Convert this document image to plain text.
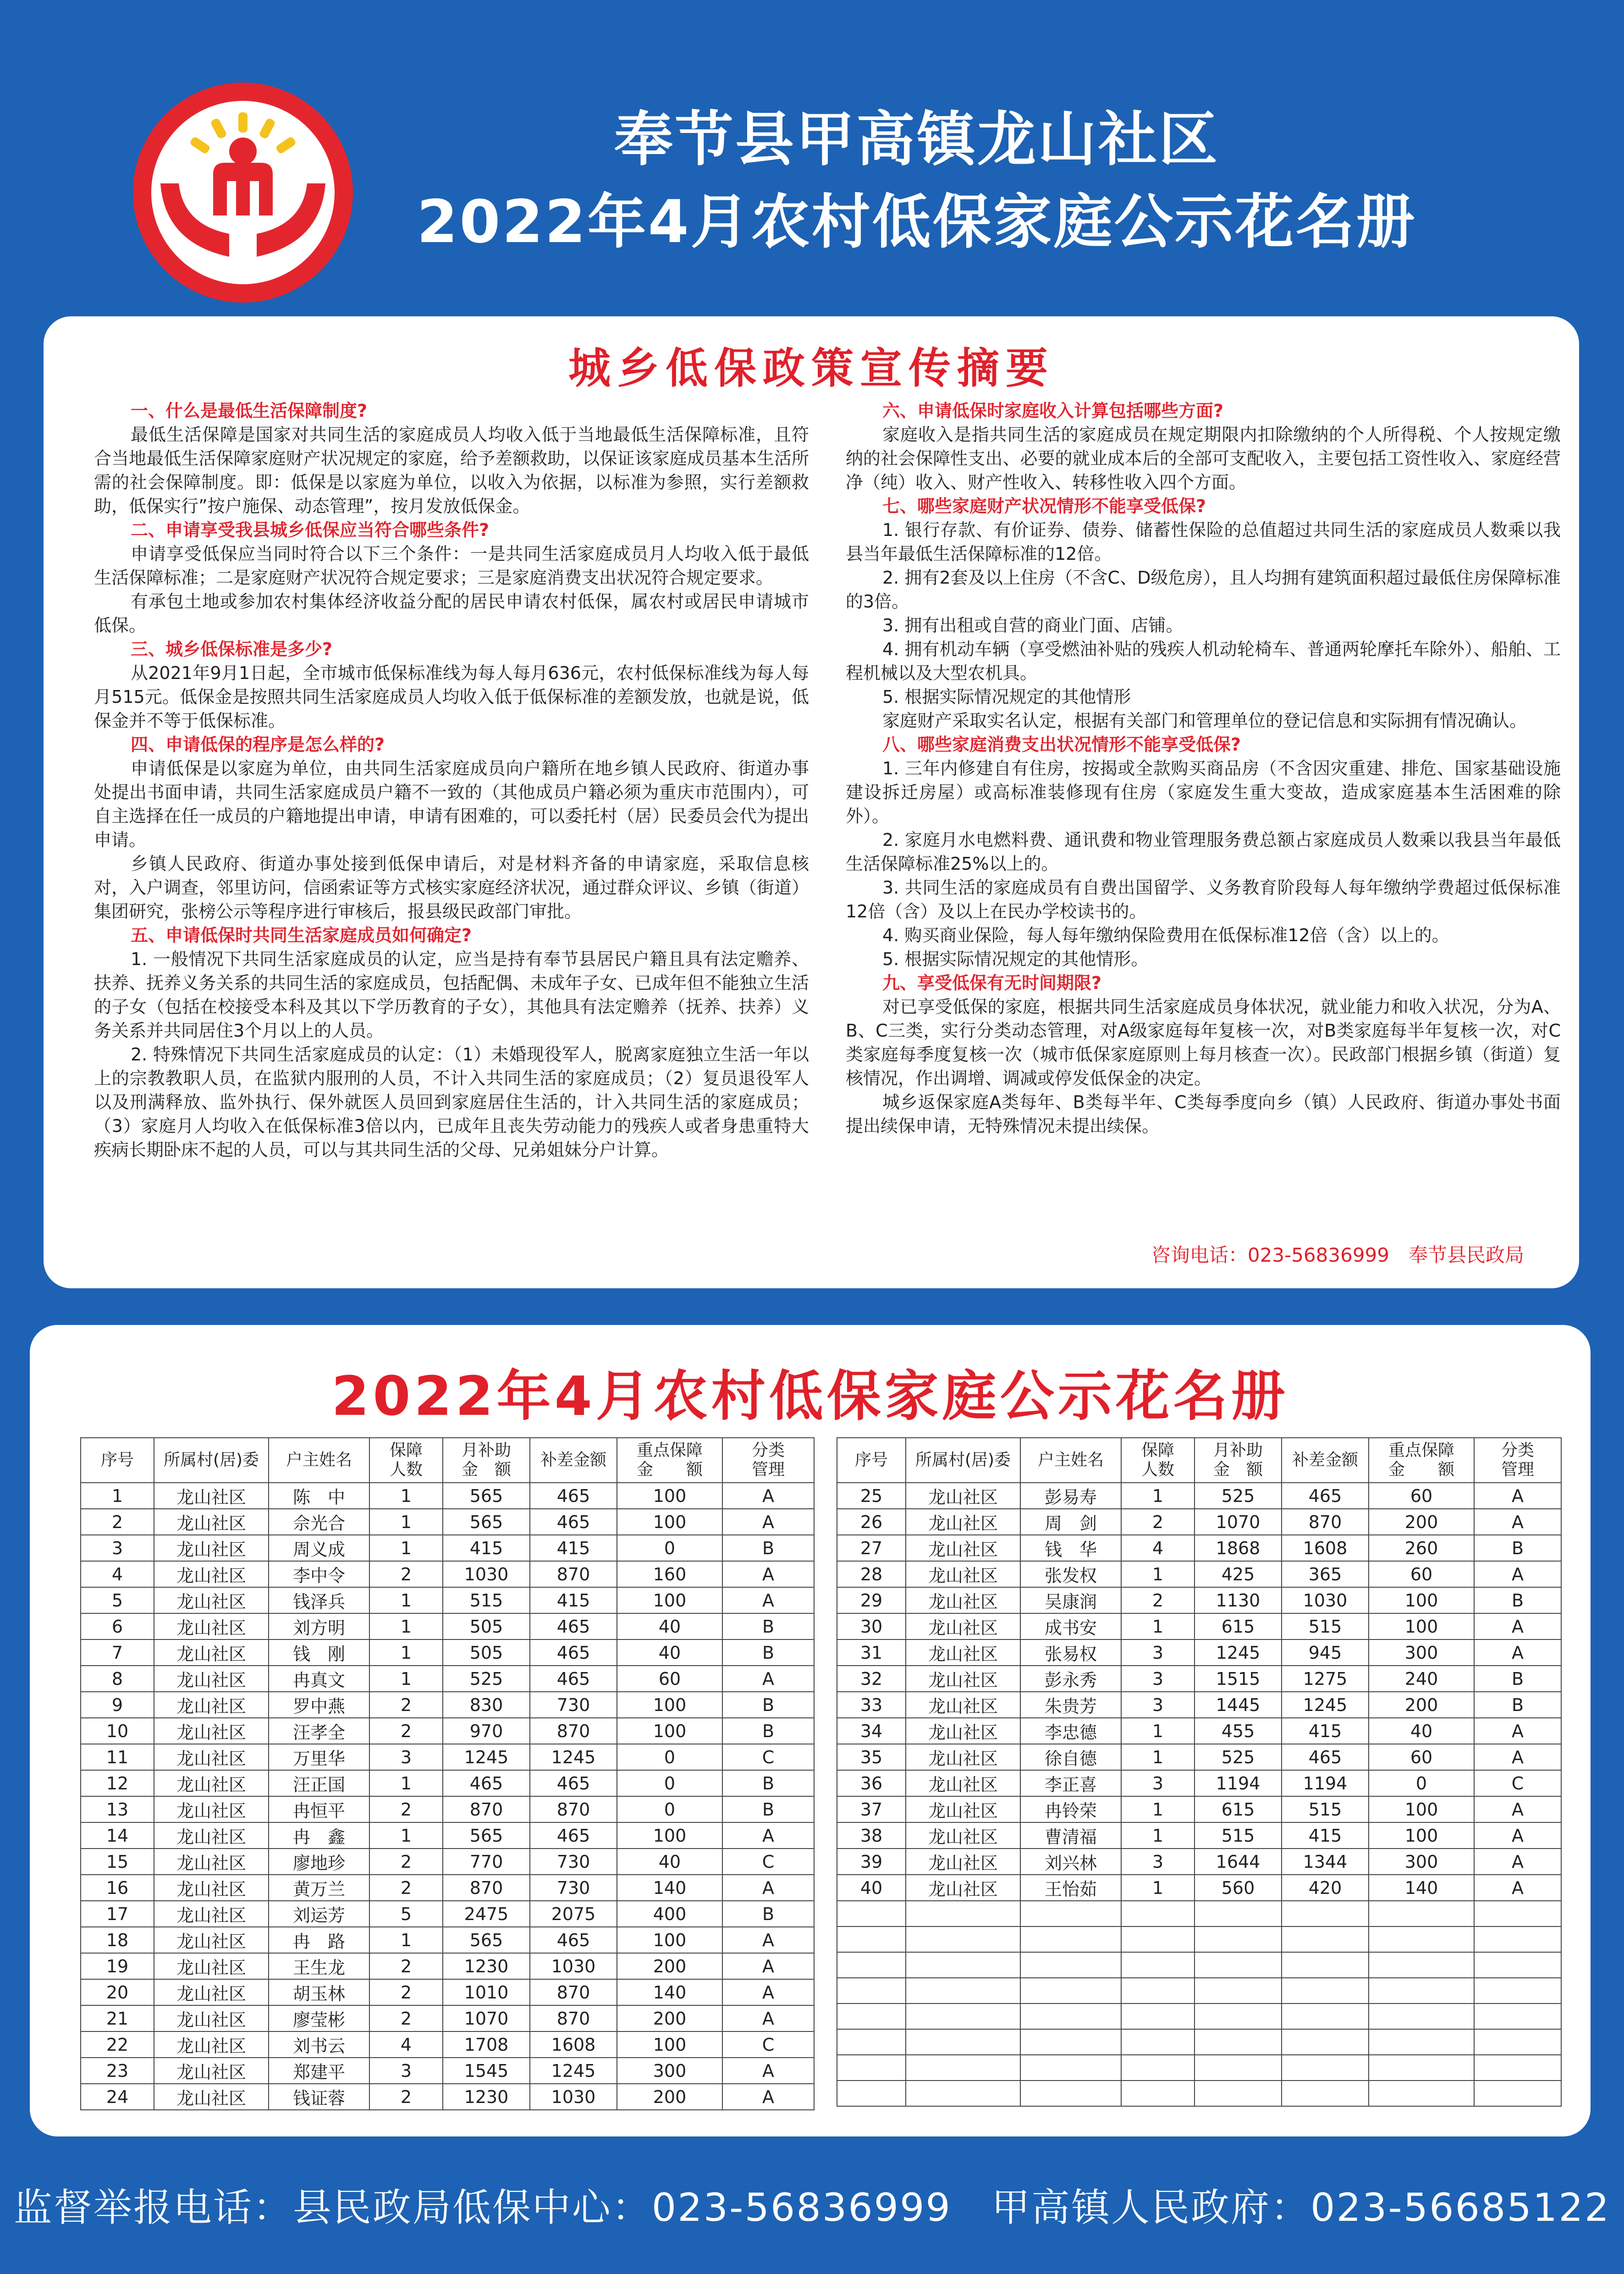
奉节县甲高镇龙山社区
2022年4月农村低保家庭公示花名册
城乡低保政策宣传摘要
一、什么是最低生活保障制度?

最低生活保障是国家对共同生活的家庭成员人均收入低于当地最低生活保障标准，且符合当地最低生活保障家庭财产状况规定的家庭，给予差额救助，以保证该家庭成员基本生活所需的社会保障制度。即：低保是以家庭为单位，以收入为依据，以标准为参照，实行差额救助，低保实行”按户施保、动态管理”，按月发放低保金。

二、申请享受我县城乡低保应当符合哪些条件?

申请享受低保应当同时符合以下三个条件：一是共同生活家庭成员月人均收入低于最低生活保障标准；二是家庭财产状况符合规定要求；三是家庭消费支出状况符合规定要求。

有承包土地或参加农村集体经济收益分配的居民申请农村低保，属农村或居民申请城市低保。

三、城乡低保标准是多少?

从2021年9月1日起，全市城市低保标准线为每人每月636元，农村低保标准线为每人每月515元。低保金是按照共同生活家庭成员人均收入低于低保标准的差额发放，也就是说，低保金并不等于低保标准。

四、申请低保的程序是怎么样的?

申请低保是以家庭为单位，由共同生活家庭成员向户籍所在地乡镇人民政府、街道办事处提出书面申请，共同生活家庭成员户籍不一致的（其他成员户籍必须为重庆市范围内），可自主选择在任一成员的户籍地提出申请，申请有困难的，可以委托村（居）民委员会代为提出申请。

乡镇人民政府、街道办事处接到低保申请后，对是材料齐备的申请家庭，采取信息核对，入户调查，邻里访问，信函索证等方式核实家庭经济状况，通过群众评议、乡镇（街道）集团研究，张榜公示等程序进行审核后，报县级民政部门审批。

五、申请低保时共同生活家庭成员如何确定?

1. 一般情况下共同生活家庭成员的认定，应当是持有奉节县居民户籍且具有法定赡养、扶养、抚养义务关系的共同生活的家庭成员，包括配偶、未成年子女、已成年但不能独立生活的子女（包括在校接受本科及其以下学历教育的子女），其他具有法定赡养（抚养、扶养）义务关系并共同居住3个月以上的人员。

2. 特殊情况下共同生活家庭成员的认定：（1）未婚现役军人，脱离家庭独立生活一年以上的宗教教职人员，在监狱内服刑的人员，不计入共同生活的家庭成员；（2）复员退役军人以及刑满释放、监外执行、保外就医人员回到家庭居住生活的，计入共同生活的家庭成员；（3）家庭月人均收入在低保标准3倍以内，已成年且丧失劳动能力的残疾人或者身患重特大疾病长期卧床不起的人员，可以与其共同生活的父母、兄弟姐妹分户计算。

六、申请低保时家庭收入计算包括哪些方面?

家庭收入是指共同生活的家庭成员在规定期限内扣除缴纳的个人所得税、个人按规定缴纳的社会保障性支出、必要的就业成本后的全部可支配收入，主要包括工资性收入、家庭经营净（纯）收入、财产性收入、转移性收入四个方面。

七、哪些家庭财产状况情形不能享受低保?

1. 银行存款、有价证券、债券、储蓄性保险的总值超过共同生活的家庭成员人数乘以我县当年最低生活保障标准的12倍。

2. 拥有2套及以上住房（不含C、D级危房），且人均拥有建筑面积超过最低住房保障标准的3倍。

3. 拥有出租或自营的商业门面、店铺。

4. 拥有机动车辆（享受燃油补贴的残疾人机动轮椅车、普通两轮摩托车除外）、船舶、工程机械以及大型农机具。

5. 根据实际情况规定的其他情形

家庭财产采取实名认定，根据有关部门和管理单位的登记信息和实际拥有情况确认。

八、哪些家庭消费支出状况情形不能享受低保?

1. 三年内修建自有住房，按揭或全款购买商品房（不含因灾重建、排危、国家基础设施建设拆迁房屋）或高标准装修现有住房（家庭发生重大变故，造成家庭基本生活困难的除外）。

2. 家庭月水电燃料费、通讯费和物业管理服务费总额占家庭成员人数乘以我县当年最低生活保障标准25%以上的。

3. 共同生活的家庭成员有自费出国留学、义务教育阶段每人每年缴纳学费超过低保标准12倍（含）及以上在民办学校读书的。

4. 购买商业保险，每人每年缴纳保险费用在低保标准12倍（含）以上的。

5. 根据实际情况规定的其他情形。

九、享受低保有无时间期限?

对已享受低保的家庭，根据共同生活家庭成员身体状况，就业能力和收入状况，分为A、B、C三类，实行分类动态管理，对A级家庭每年复核一次，对B类家庭每半年复核一次，对C类家庭每季度复核一次（城市低保家庭原则上每月核查一次）。民政部门根据乡镇（街道）复核情况，作出调增、调减或停发低保金的决定。

城乡返保家庭A类每年、B类每半年、C类每季度向乡（镇）人民政府、街道办事处书面提出续保申请，无特殊情况未提出续保。

咨询电话：023-56836999　奉节县民政局
2022年4月农村低保家庭公示花名册
序号	所属村(居)委	户主姓名	保障
人数	月补助
金　额	补差金额	重点保障
金　　额	分类
管理
1	龙山社区	陈　中	1	565	465	100	A
2	龙山社区	佘光合	1	565	465	100	A
3	龙山社区	周义成	1	415	415	0	B
4	龙山社区	李中令	2	1030	870	160	A
5	龙山社区	钱泽兵	1	515	415	100	A
6	龙山社区	刘方明	1	505	465	40	B
7	龙山社区	钱　刚	1	505	465	40	B
8	龙山社区	冉真文	1	525	465	60	A
9	龙山社区	罗中燕	2	830	730	100	B
10	龙山社区	汪孝全	2	970	870	100	B
11	龙山社区	万里华	3	1245	1245	0	C
12	龙山社区	汪正国	1	465	465	0	B
13	龙山社区	冉恒平	2	870	870	0	B
14	龙山社区	冉　鑫	1	565	465	100	A
15	龙山社区	廖地珍	2	770	730	40	C
16	龙山社区	黄万兰	2	870	730	140	A
17	龙山社区	刘运芳	5	2475	2075	400	B
18	龙山社区	冉　路	1	565	465	100	A
19	龙山社区	王生龙	2	1230	1030	200	A
20	龙山社区	胡玉林	2	1010	870	140	A
21	龙山社区	廖莹彬	2	1070	870	200	A
22	龙山社区	刘书云	4	1708	1608	100	C
23	龙山社区	郑建平	3	1545	1245	300	A
24	龙山社区	钱证蓉	2	1230	1030	200	A
序号	所属村(居)委	户主姓名	保障
人数	月补助
金　额	补差金额	重点保障
金　　额	分类
管理
25	龙山社区	彭易寿	1	525	465	60	A
26	龙山社区	周　剑	2	1070	870	200	A
27	龙山社区	钱　华	4	1868	1608	260	B
28	龙山社区	张发权	1	425	365	60	A
29	龙山社区	吴康润	2	1130	1030	100	B
30	龙山社区	成书安	1	615	515	100	A
31	龙山社区	张易权	3	1245	945	300	A
32	龙山社区	彭永秀	3	1515	1275	240	B
33	龙山社区	朱贵芳	3	1445	1245	200	B
34	龙山社区	李忠德	1	455	415	40	A
35	龙山社区	徐自德	1	525	465	60	A
36	龙山社区	李正喜	3	1194	1194	0	C
37	龙山社区	冉铃荣	1	615	515	100	A
38	龙山社区	曹清福	1	515	415	100	A
39	龙山社区	刘兴林	3	1644	1344	300	A
40	龙山社区	王怡茹	1	560	420	140	A

监督举报电话：县民政局低保中心：023-56836999　甲高镇人民政府：023-56685122
